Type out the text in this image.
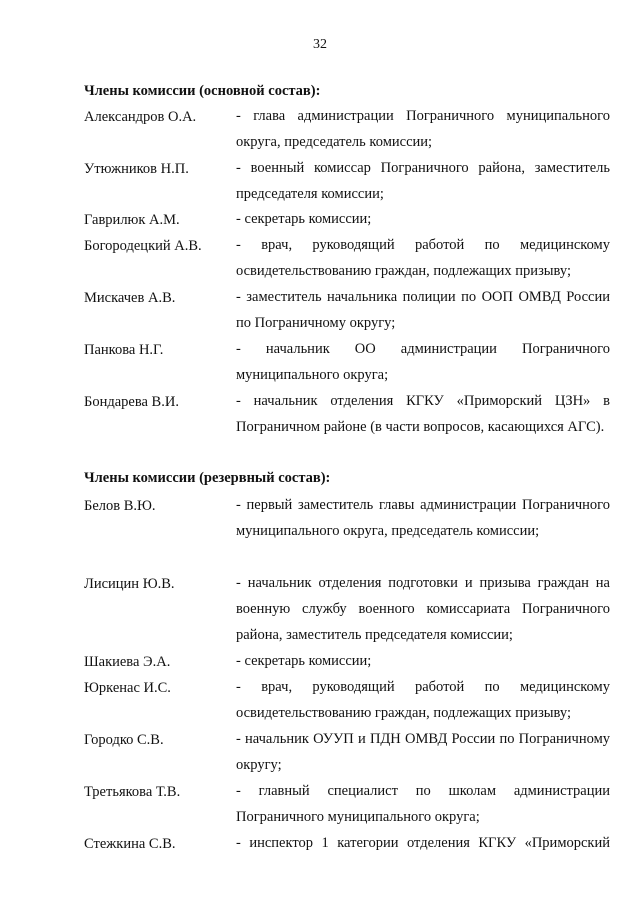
32
Члены комиссии (основной состав):
Александров О.А.	- глава администрации Пограничного муниципального округа, председатель комиссии;

Утюжников Н.П.	- военный комиссар Пограничного района, заместитель председателя комиссии;

Гаврилюк А.М.	- секретарь комиссии;

Богородецкий А.В. - врач, руководящий работой по медицинскому освидетельствованию граждан, подлежащих призыву;

Мискачев А.В.	- заместитель начальника полиции по ООП ОМВД России по Пограничному округу;

Панкова Н.Г.	- начальник ОО администрации Пограничного муниципального округа;

Бондарева В.И.	- начальник отделения КГКУ «Приморский ЦЗН» в Пограничном районе (в части вопросов, касающихся АГС).

Члены комиссии (резервный состав):
Белов В.Ю.	- первый заместитель главы администрации Пограничного муниципального округа, председатель комиссии;

Лисицин Ю.В.	- начальник отделения подготовки и призыва граждан на военную службу военного комиссариата Пограничного района, заместитель председателя комиссии;

Шакиева Э.А.	- секретарь комиссии;

Юркенас И.С.	- врач, руководящий работой по медицинскому освидетельствованию граждан, подлежащих призыву;

Городко С.В.	- начальник ОУУП и ПДН ОМВД России по Пограничному округу;

Третьякова Т.В.	- главный специалист по школам администрации Пограничного муниципального округа;

Стежкина С.В.	- инспектор 1 категории отделения КГКУ «Приморский
